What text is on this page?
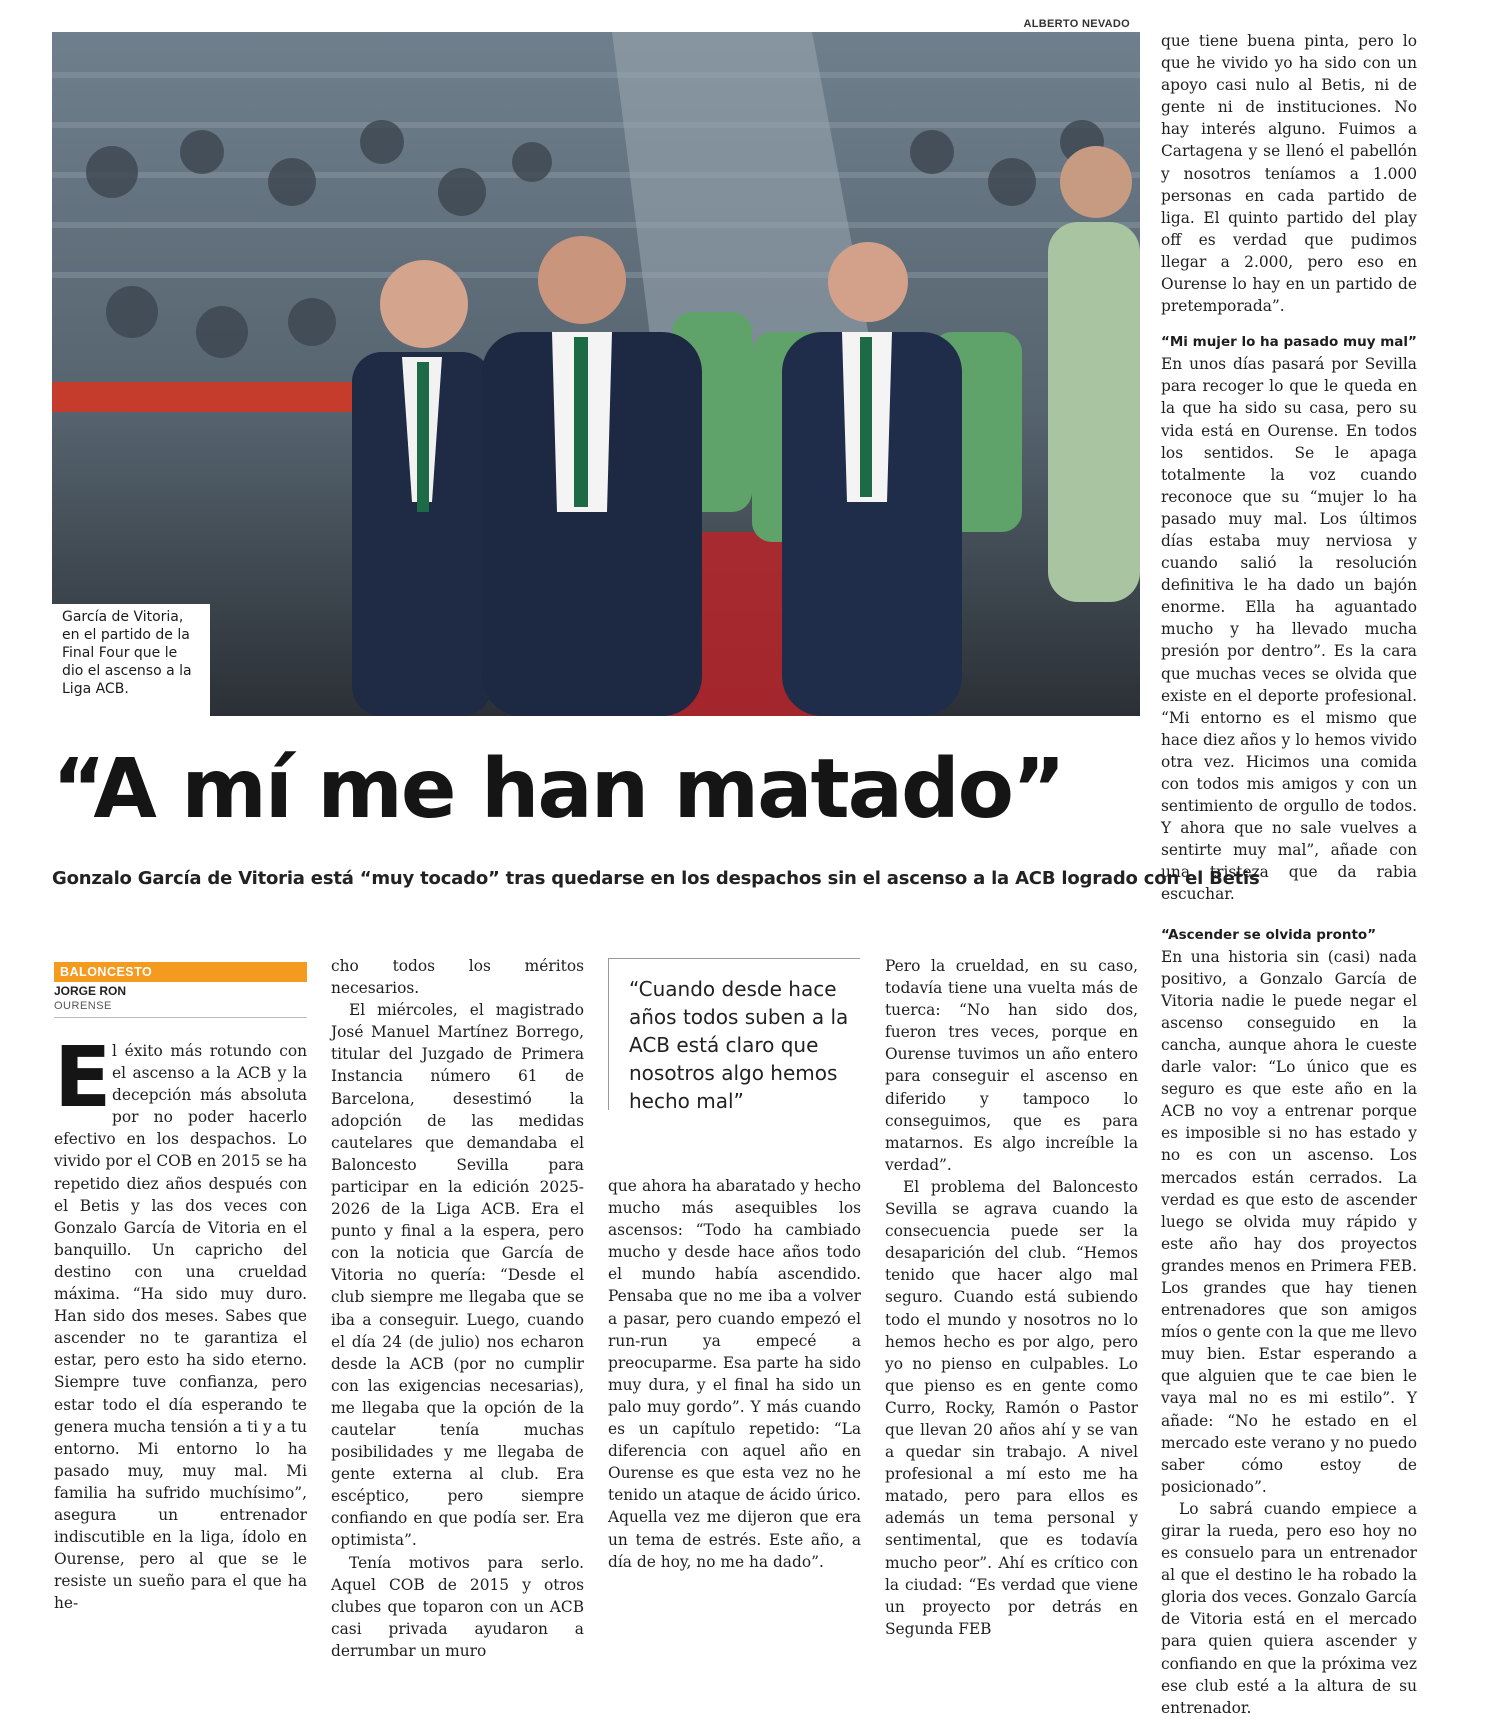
ALBERTO NEVADO
García de Vitoria, en el partido de la Final Four que le dio el ascenso a la Liga ACB.
“A mí me han matado”
Gonzalo García de Vitoria está “muy tocado” tras quedarse en los despachos sin el ascenso a la ACB logrado con el Betis
BALONCESTO
JORGE RON
OURENSE

El éxito más rotundo con el ascenso a la ACB y la decepción más absoluta por no poder hacerlo efectivo en los despachos. Lo vivido por el COB en 2015 se ha repetido diez años después con el Betis y las dos veces con Gonzalo García de Vitoria en el banquillo. Un capricho del destino con una crueldad máxima. “Ha sido muy duro. Han sido dos meses. Sabes que ascender no te garantiza el estar, pero esto ha sido eterno. Siempre tuve confianza, pero estar todo el día esperando te genera mucha tensión a ti y a tu entorno. Mi entorno lo ha pasado muy, muy mal. Mi familia ha sufrido muchísimo”, asegura un entrenador indiscutible en la liga, ídolo en Ourense, pero al que se le resiste un sueño para el que ha he-

cho todos los méritos necesarios.

El miércoles, el magistrado José Manuel Martínez Borrego, titular del Juzgado de Primera Instancia número 61 de Barcelona, desestimó la adopción de las medidas cautelares que demandaba el Baloncesto Sevilla para participar en la edición 2025-2026 de la Liga ACB. Era el punto y final a la espera, pero con la noticia que García de Vitoria no quería: “Desde el club siempre me llegaba que se iba a conseguir. Luego, cuando el día 24 (de julio) nos echaron desde la ACB (por no cumplir con las exigencias necesarias), me llegaba que la opción de la cautelar tenía muchas posibilidades y me llegaba de gente externa al club. Era escéptico, pero siempre confiando en que podía ser. Era optimista”.

Tenía motivos para serlo. Aquel COB de 2015 y otros clubes que toparon con un ACB casi privada ayudaron a derrumbar un muro

“Cuando desde hace años todos suben a la ACB está claro que nosotros algo hemos hecho mal”

que ahora ha abaratado y hecho mucho más asequibles los ascensos: “Todo ha cambiado mucho y desde hace años todo el mundo había ascendido. Pensaba que no me iba a volver a pasar, pero cuando empezó el run-run ya empecé a preocuparme. Esa parte ha sido muy dura, y el final ha sido un palo muy gordo”. Y más cuando es un capítulo repetido: “La diferencia con aquel año en Ourense es que esta vez no he tenido un ataque de ácido úrico. Aquella vez me dijeron que era un tema de estrés. Este año, a día de hoy, no me ha dado”.

Pero la crueldad, en su caso, todavía tiene una vuelta más de tuerca: “No han sido dos, fueron tres veces, porque en Ourense tuvimos un año entero para conseguir el ascenso en diferido y tampoco lo conseguimos, que es para matarnos. Es algo increíble la verdad”.

El problema del Baloncesto Sevilla se agrava cuando la consecuencia puede ser la desaparición del club. “Hemos tenido que hacer algo mal seguro. Cuando está subiendo todo el mundo y nosotros no lo hemos hecho es por algo, pero yo no pienso en culpables. Lo que pienso es en gente como Curro, Rocky, Ramón o Pastor que llevan 20 años ahí y se van a quedar sin trabajo. A nivel profesional a mí esto me ha matado, pero para ellos es además un tema personal y sentimental, que es todavía mucho peor”. Ahí es crítico con la ciudad: “Es verdad que viene un proyecto por detrás en Segunda FEB

que tiene buena pinta, pero lo que he vivido yo ha sido con un apoyo casi nulo al Betis, ni de gente ni de instituciones. No hay interés alguno. Fuimos a Cartagena y se llenó el pabellón y nosotros teníamos a 1.000 personas en cada partido de liga. El quinto partido del play off es verdad que pudimos llegar a 2.000, pero eso en Ourense lo hay en un partido de pretemporada”.

“Mi mujer lo ha pasado muy mal”

En unos días pasará por Sevilla para recoger lo que le queda en la que ha sido su casa, pero su vida está en Ourense. En todos los sentidos. Se le apaga totalmente la voz cuando reconoce que su “mujer lo ha pasado muy mal. Los últimos días estaba muy nerviosa y cuando salió la resolución definitiva le ha dado un bajón enorme. Ella ha aguantado mucho y ha llevado mucha presión por dentro”. Es la cara que muchas veces se olvida que existe en el deporte profesional. “Mi entorno es el mismo que hace diez años y lo hemos vivido otra vez. Hicimos una comida con todos mis amigos y con un sentimiento de orgullo de todos. Y ahora que no sale vuelves a sentirte muy mal”, añade con una tristeza que da rabia escuchar.

“Ascender se olvida pronto”

En una historia sin (casi) nada positivo, a Gonzalo García de Vitoria nadie le puede negar el ascenso conseguido en la cancha, aunque ahora le cueste darle valor: “Lo único que es seguro es que este año en la ACB no voy a entrenar porque es imposible si no has estado y no es con un ascenso. Los mercados están cerrados. La verdad es que esto de ascender luego se olvida muy rápido y este año hay dos proyectos grandes menos en Primera FEB. Los grandes que hay tienen entrenadores que son amigos míos o gente con la que me llevo muy bien. Estar esperando a que alguien que te cae bien le vaya mal no es mi estilo”. Y añade: “No he estado en el mercado este verano y no puedo saber cómo estoy de posicionado”.

Lo sabrá cuando empiece a girar la rueda, pero eso hoy no es consuelo para un entrenador al que el destino le ha robado la gloria dos veces. Gonzalo García de Vitoria está en el mercado para quien quiera ascender y confiando en que la próxima vez ese club esté a la altura de su entrenador.
